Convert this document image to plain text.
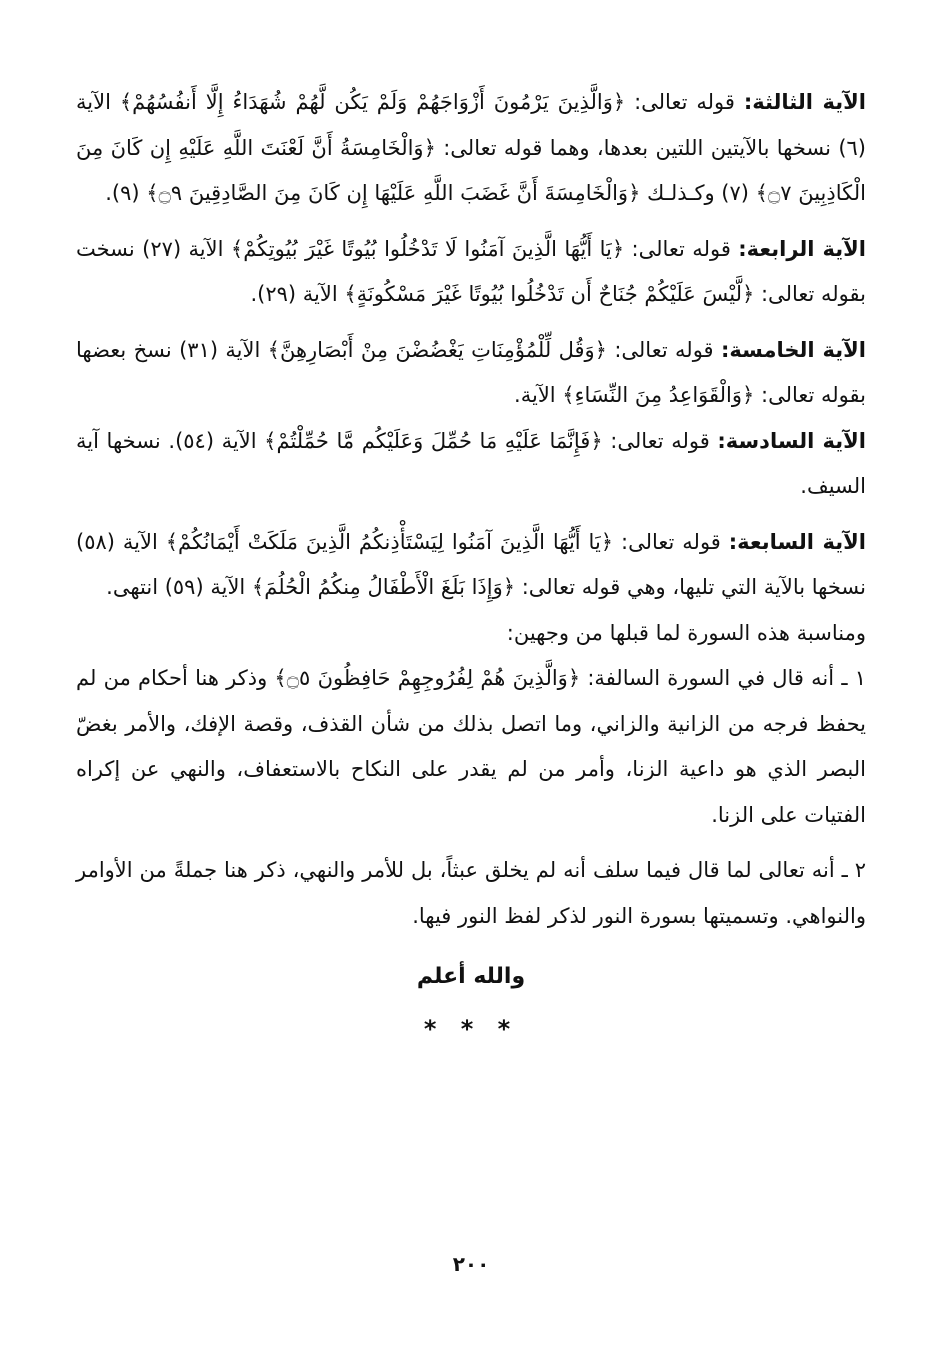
الآية الثالثة: قوله تعالى: ﴿وَالَّذِينَ يَرْمُونَ أَزْوَاجَهُمْ وَلَمْ يَكُن لَّهُمْ شُهَدَاءُ إِلَّا أَنفُسُهُمْ﴾ الآية (٦) نسخها بالآيتين اللتين بعدها، وهما قوله تعالى: ﴿وَالْخَامِسَةُ أَنَّ لَعْنَتَ اللَّهِ عَلَيْهِ إِن كَانَ مِنَ الْكَاذِبِينَ ۝٧﴾ (٧) وكـذلـك ﴿وَالْخَامِسَةَ أَنَّ غَضَبَ اللَّهِ عَلَيْهَا إِن كَانَ مِنَ الصَّادِقِينَ ۝٩﴾ (٩).

الآية الرابعة: قوله تعالى: ﴿يَا أَيُّهَا الَّذِينَ آمَنُوا لَا تَدْخُلُوا بُيُوتًا غَيْرَ بُيُوتِكُمْ﴾ الآية (٢٧) نسخت بقوله تعالى: ﴿لَّيْسَ عَلَيْكُمْ جُنَاحٌ أَن تَدْخُلُوا بُيُوتًا غَيْرَ مَسْكُونَةٍ﴾ الآية (٢٩).

الآية الخامسة: قوله تعالى: ﴿وَقُل لِّلْمُؤْمِنَاتِ يَغْضُضْنَ مِنْ أَبْصَارِهِنَّ﴾ الآية (٣١) نسخ بعضها بقوله تعالى: ﴿وَالْقَوَاعِدُ مِنَ النِّسَاءِ﴾ الآية.

الآية السادسة: قوله تعالى: ﴿فَإِنَّمَا عَلَيْهِ مَا حُمِّلَ وَعَلَيْكُم مَّا حُمِّلْتُمْ﴾ الآية (٥٤). نسخها آية السيف.

الآية السابعة: قوله تعالى: ﴿يَا أَيُّهَا الَّذِينَ آمَنُوا لِيَسْتَأْذِنكُمُ الَّذِينَ مَلَكَتْ أَيْمَانُكُمْ﴾ الآية (٥٨) نسخها بالآية التي تليها، وهي قوله تعالى: ﴿وَإِذَا بَلَغَ الْأَطْفَالُ مِنكُمُ الْحُلُمَ﴾ الآية (٥٩) انتهى.

ومناسبة هذه السورة لما قبلها من وجهين:

١ ـ أنه قال في السورة السالفة: ﴿وَالَّذِينَ هُمْ لِفُرُوجِهِمْ حَافِظُونَ ۝٥﴾ وذكر هنا أحكام من لم يحفظ فرجه من الزانية والزاني، وما اتصل بذلك من شأن القذف، وقصة الإفك، والأمر بغضّ البصر الذي هو داعية الزنا، وأمر من لم يقدر على النكاح بالاستعفاف، والنهي عن إكراه الفتيات على الزنا.

٢ ـ أنه تعالى لما قال فيما سلف أنه لم يخلق عبثاً، بل للأمر والنهي، ذكر هنا جملةً من الأوامر والنواهي. وتسميتها بسورة النور لذكر لفظ النور فيها.

والله أعلم
* * *
٢٠٠
